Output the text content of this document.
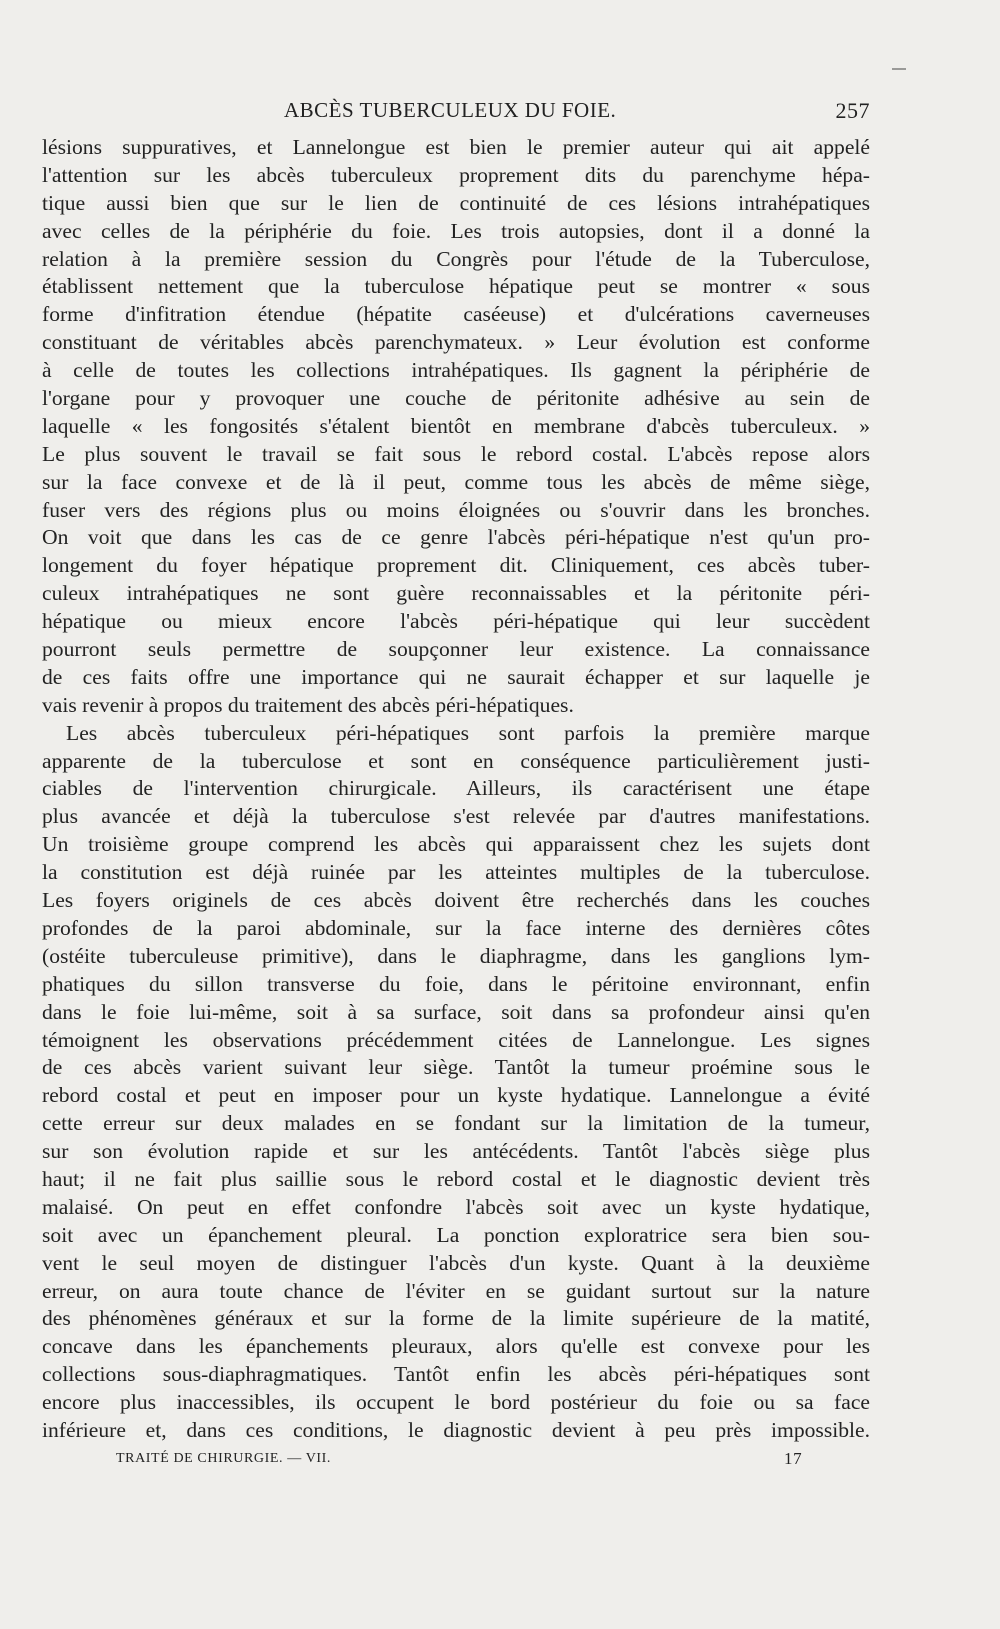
ABCÈS TUBERCULEUX DU FOIE.	257
lésions suppuratives, et Lannelongue est bien le premier auteur qui ait appelé
l'attention sur les abcès tuberculeux proprement dits du parenchyme hépa-
tique aussi bien que sur le lien de continuité de ces lésions intrahépatiques
avec celles de la périphérie du foie. Les trois autopsies, dont il a donné la
relation à la première session du Congrès pour l'étude de la Tuberculose,
établissent nettement que la tuberculose hépatique peut se montrer « sous
forme d'infitration étendue (hépatite caséeuse) et d'ulcérations caverneuses
constituant de véritables abcès parenchymateux. » Leur évolution est conforme
à celle de toutes les collections intrahépatiques. Ils gagnent la périphérie de
l'organe pour y provoquer une couche de péritonite adhésive au sein de
laquelle « les fongosités s'étalent bientôt en membrane d'abcès tuberculeux. »
Le plus souvent le travail se fait sous le rebord costal. L'abcès repose alors
sur la face convexe et de là il peut, comme tous les abcès de même siège,
fuser vers des régions plus ou moins éloignées ou s'ouvrir dans les bronches.
On voit que dans les cas de ce genre l'abcès péri-hépatique n'est qu'un pro-
longement du foyer hépatique proprement dit. Cliniquement, ces abcès tuber-
culeux intrahépatiques ne sont guère reconnaissables et la péritonite péri-
hépatique ou mieux encore l'abcès péri-hépatique qui leur succèdent
pourront seuls permettre de soupçonner leur existence. La connaissance
de ces faits offre une importance qui ne saurait échapper et sur laquelle je
vais revenir à propos du traitement des abcès péri-hépatiques.
Les abcès tuberculeux péri-hépatiques sont parfois la première marque
apparente de la tuberculose et sont en conséquence particulièrement justi-
ciables de l'intervention chirurgicale. Ailleurs, ils caractérisent une étape
plus avancée et déjà la tuberculose s'est relevée par d'autres manifestations.
Un troisième groupe comprend les abcès qui apparaissent chez les sujets dont
la constitution est déjà ruinée par les atteintes multiples de la tuberculose.
Les foyers originels de ces abcès doivent être recherchés dans les couches
profondes de la paroi abdominale, sur la face interne des dernières côtes
(ostéite tuberculeuse primitive), dans le diaphragme, dans les ganglions lym-
phatiques du sillon transverse du foie, dans le péritoine environnant, enfin
dans le foie lui-même, soit à sa surface, soit dans sa profondeur ainsi qu'en
témoignent les observations précédemment citées de Lannelongue. Les signes
de ces abcès varient suivant leur siège. Tantôt la tumeur proémine sous le
rebord costal et peut en imposer pour un kyste hydatique. Lannelongue a évité
cette erreur sur deux malades en se fondant sur la limitation de la tumeur,
sur son évolution rapide et sur les antécédents. Tantôt l'abcès siège plus
haut; il ne fait plus saillie sous le rebord costal et le diagnostic devient très
malaisé. On peut en effet confondre l'abcès soit avec un kyste hydatique,
soit avec un épanchement pleural. La ponction exploratrice sera bien sou-
vent le seul moyen de distinguer l'abcès d'un kyste. Quant à la deuxième
erreur, on aura toute chance de l'éviter en se guidant surtout sur la nature
des phénomènes généraux et sur la forme de la limite supérieure de la matité,
concave dans les épanchements pleuraux, alors qu'elle est convexe pour les
collections sous-diaphragmatiques. Tantôt enfin les abcès péri-hépatiques sont
encore plus inaccessibles, ils occupent le bord postérieur du foie ou sa face
inférieure et, dans ces conditions, le diagnostic devient à peu près impossible.
TRAITÉ DE CHIRURGIE. — VII.	17
